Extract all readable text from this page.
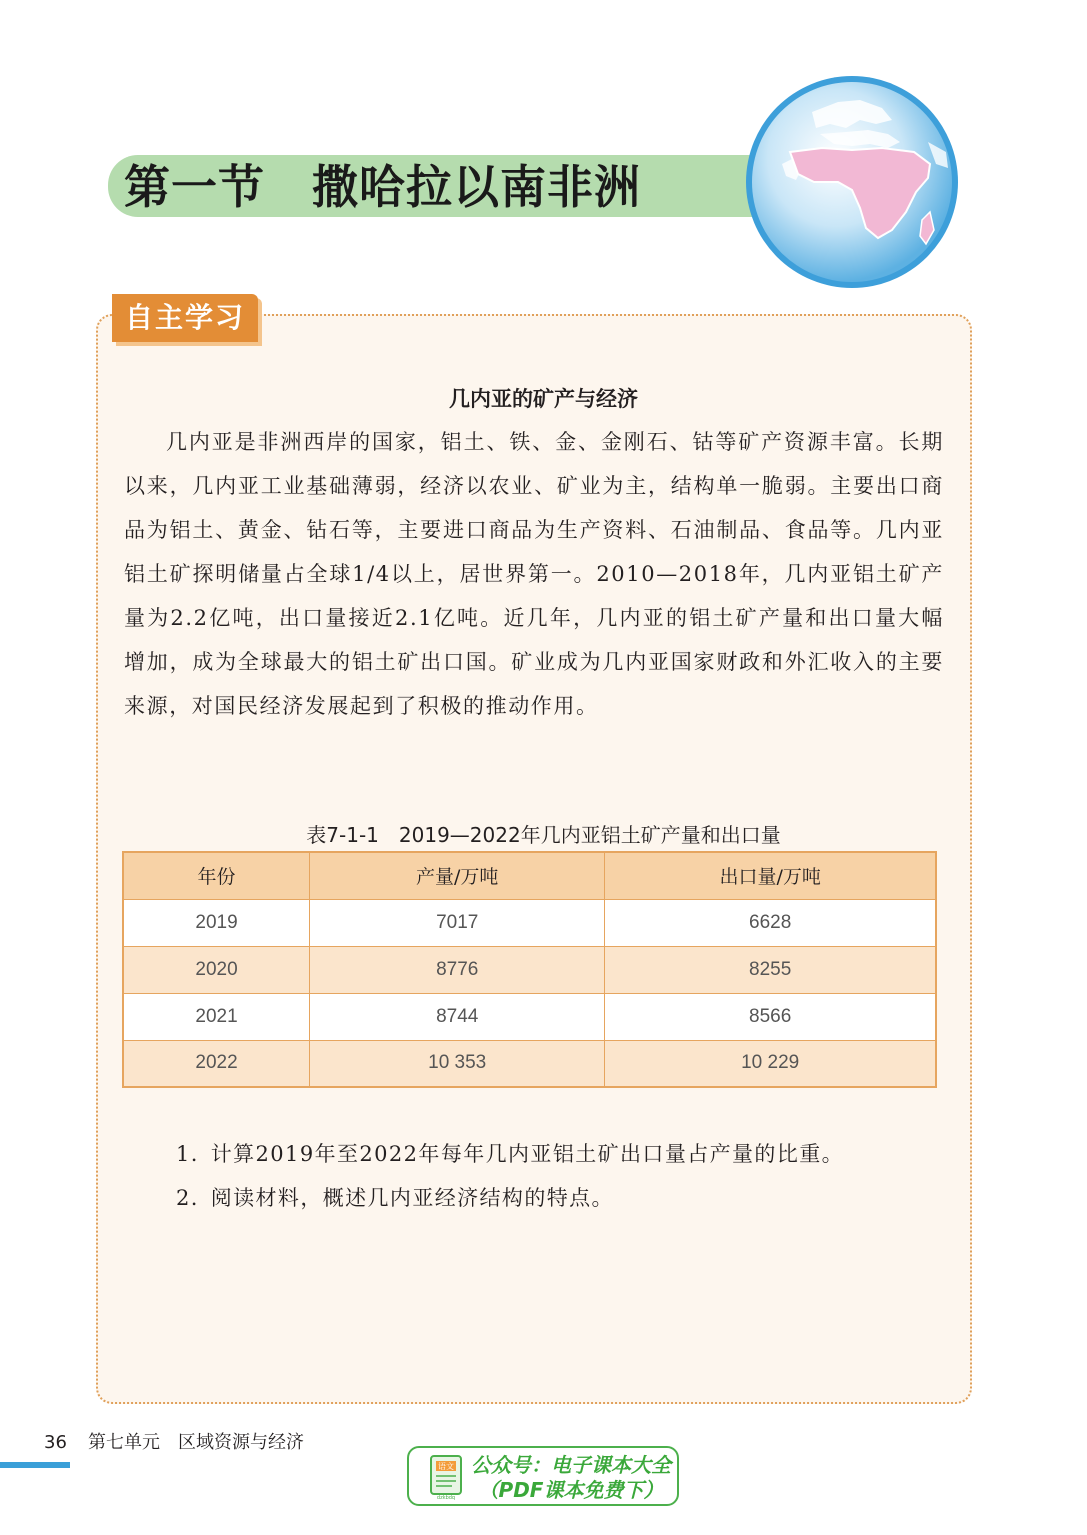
第一节　撒哈拉以南非洲
自主学习
几内亚的矿产与经济

几内亚是非洲西岸的国家，铝土、铁、金、金刚石、钴等矿产资源丰富。长期以来，几内亚工业基础薄弱，经济以农业、矿业为主，结构单一脆弱。主要出口商品为铝土、黄金、钻石等，主要进口商品为生产资料、石油制品、食品等。几内亚铝土矿探明储量占全球1/4以上，居世界第一。2010—2018年，几内亚铝土矿产量为2.2亿吨，出口量接近2.1亿吨。近几年，几内亚的铝土矿产量和出口量大幅增加，成为全球最大的铝土矿出口国。矿业成为几内亚国家财政和外汇收入的主要来源，对国民经济发展起到了积极的推动作用。

表7-1-1　2019—2022年几内亚铝土矿产量和出口量
年份	产量/万吨	出口量/万吨
2019	7017	6628
2020	8776	8255
2021	8744	8566
2022	10 353	10 229
1. 计算2019年至2022年每年几内亚铝土矿出口量占产量的比重。
2. 阅读材料，概述几内亚经济结构的特点。
36 第七单元　区域资源与经济
语文
dzkbdq
公众号：电子课本大全
（PDF课本免费下）
